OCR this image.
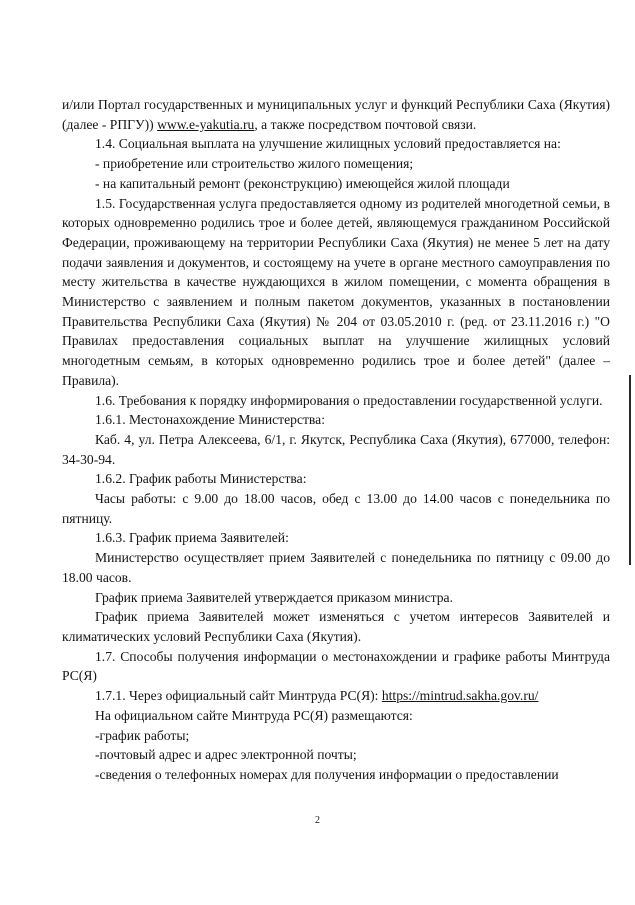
и/или Портал государственных и муниципальных услуг и функций Республики Саха (Якутия) (далее - РПГУ)) www.e-yakutia.ru, а также посредством почтовой связи.

1.4. Социальная выплата на улучшение жилищных условий предоставляется на:

- приобретение или строительство жилого помещения;

- на капитальный ремонт (реконструкцию) имеющейся жилой площади

1.5. Государственная услуга предоставляется одному из родителей многодетной семьи, в которых одновременно родились трое и более детей, являющемуся гражданином Российской Федерации, проживающему на территории Республики Саха (Якутия) не менее 5 лет на дату подачи заявления и документов, и состоящему на учете в органе местного самоуправления по месту жительства в качестве нуждающихся в жилом помещении, с момента обращения в Министерство с заявлением и полным пакетом документов, указанных в постановлении Правительства Республики Саха (Якутия) № 204 от 03.05.2010 г. (ред. от 23.11.2016 г.) "О Правилах предоставления социальных выплат на улучшение жилищных условий многодетным семьям, в которых одновременно родились трое и более детей" (далее – Правила).

1.6. Требования к порядку информирования о предоставлении государственной услуги.

1.6.1. Местонахождение Министерства:

Каб. 4, ул. Петра Алексеева, 6/1, г. Якутск, Республика Саха (Якутия), 677000, телефон: 34-30-94.

1.6.2. График работы Министерства:

Часы работы: с 9.00 до 18.00 часов, обед с 13.00 до 14.00 часов с понедельника по пятницу.

1.6.3. График приема Заявителей:

Министерство осуществляет прием Заявителей с понедельника по пятницу с 09.00 до 18.00 часов.

График приема Заявителей утверждается приказом министра.

График приема Заявителей может изменяться с учетом интересов Заявителей и климатических условий Республики Саха (Якутия).

1.7. Способы получения информации о местонахождении и графике работы Минтруда РС(Я)

1.7.1. Через официальный сайт Минтруда РС(Я): https://mintrud.sakha.gov.ru/

На официальном сайте Минтруда РС(Я) размещаются:

-график работы;

-почтовый адрес и адрес электронной почты;

-сведения о телефонных номерах для получения информации о предоставлении

2
